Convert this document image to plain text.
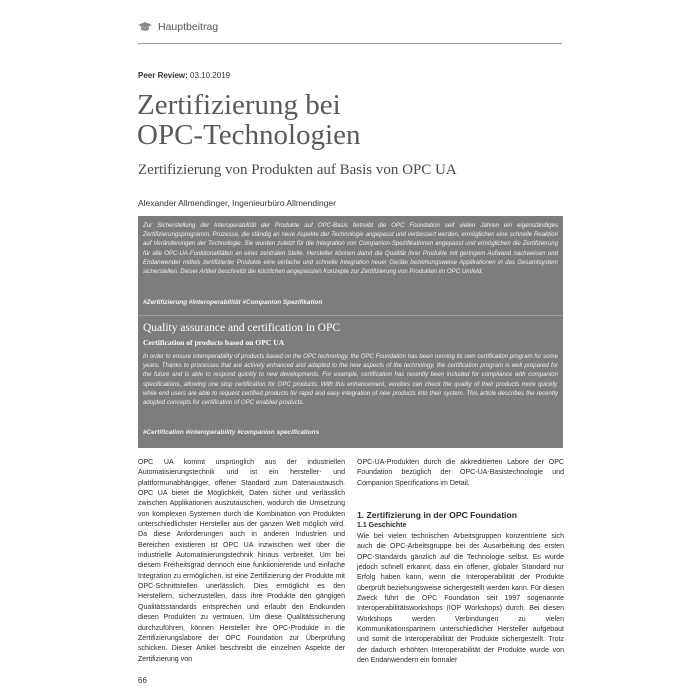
Hauptbeitrag
Peer Review: 03.10.2019
Zertifizierung bei
OPC-Technologien
Zertifizierung von Produkten auf Basis von OPC UA
Alexander Allmendinger, Ingenieurbüro Allmendinger
Zur Sicherstellung der Interoperabilität der Produkte auf OPC-Basis betreibt die OPC Foundation seit vielen Jahren ein eigenständiges Zertifizierungsprogramm. Prozesse, die ständig an neue Aspekte der Technologie angepasst und verbessert werden, ermöglichen eine schnelle Reaktion auf Veränderungen der Technologie. Sie wurden zuletzt für die Integration von Companion-Spezifikationen angepasst und ermöglichen die Zertifizierung für alle OPC-UA-Funktionalitäten an einer zentralen Stelle. Hersteller können damit die Qualität ihrer Produkte mit geringem Aufwand nachweisen und Endanwender mittels zertifizierter Produkte eine einfache und schnelle Integration neuer Geräte beziehungsweise Applikationen in das Gesamtsystem sicherstellen. Dieser Artikel beschreibt die kürzlichen angepassten Konzepte zur Zertifizierung von Produkten im OPC Umfeld.
#Zertifizierung #Interoperabilität #Companion Spezifikation
Quality assurance and certification in OPC
Certification of products based on OPC UA
In order to ensure interoperability of products based on the OPC technology, the OPC Foundation has been running its own certification program for some years. Thanks to processes that are actively enhanced and adapted to the new aspects of the technology, the certification program is well prepared for the future and is able to respond quickly to new developments. For example, certification has recently been included for compliance with companion specifications, allowing one stop certification for OPC products. With this enhancement, vendors can check the quality of their products more quickly, while end users are able to request certified products for rapid and easy integration of new products into their system. This article describes the recently adopted concepts for certification of OPC enabled products.
#Certification #interoperability #companion specifications

OPC UA kommt ursprünglich aus der industriellen Automatisierungstechnik und ist ein hersteller- und plattformunabhängiger, offener Standard zum Datenaustausch. OPC UA bietet die Möglichkeit, Daten sicher und verlässlich zwischen Applikationen auszutauschen, wodurch die Umsetzung von komplexen Systemen durch die Kombination von Produkten unterschiedlichster Hersteller aus der ganzen Welt möglich wird. Da diese Anforderungen auch in anderen Industrien und Bereichen existieren ist OPC UA inzwischen weit über die industrielle Automatisierungstechnik hinaus verbreitet. Um bei diesem Freiheitsgrad dennoch eine funktionierende und einfache Integration zu ermöglichen, ist eine Zertifizierung der Produkte mit OPC-Schnittstellen unerlässlich. Dies ermöglicht es den Herstellern, sicherzustellen, dass ihre Produkte den gängigen Qualitätsstandards entsprechen und erlaubt den Endkunden diesen Produkten zu vertrauen. Um diese Qualitätssicherung durchzuführen, können Hersteller ihre OPC-Produkte in die Zertifizierungslabore der OPC Foundation zur Überprüfung schicken. Dieser Artikel beschreibt die einzelnen Aspekte der Zertifizierung von

OPC-UA-Produkten durch die akkreditierten Labore der OPC Foundation bezüglich der OPC-UA-Basistechnologie und Companion Specifications im Detail.

1. Zertifizierung in der OPC Foundation
1.1 Geschichte

Wie bei vielen technischen Arbeitsgruppen konzentrierte sich auch die OPC-Arbeitsgruppe bei der Ausarbeitung des ersten OPC-Standards gänzlich auf die Technologie selbst. Es wurde jedoch schnell erkannt, dass ein offener, globaler Standard nur Erfolg haben kann, wenn die Interoperabilität der Produkte überprüft beziehungsweise sichergestellt werden kann. Für diesen Zweck führt die OPC Foundation seit 1997 sogenannte Interoperabilitätsworkshops (IOP Workshops) durch. Bei diesen Workshops werden Verbindungen zu vielen Kommunikationspartnern unterschiedlicher Hersteller aufgebaut und somit die Interoperabilität der Produkte sichergestellt. Trotz der dadurch erhöhten Interoperabilität der Produkte wurde von den Endanwendern ein formaler

66
